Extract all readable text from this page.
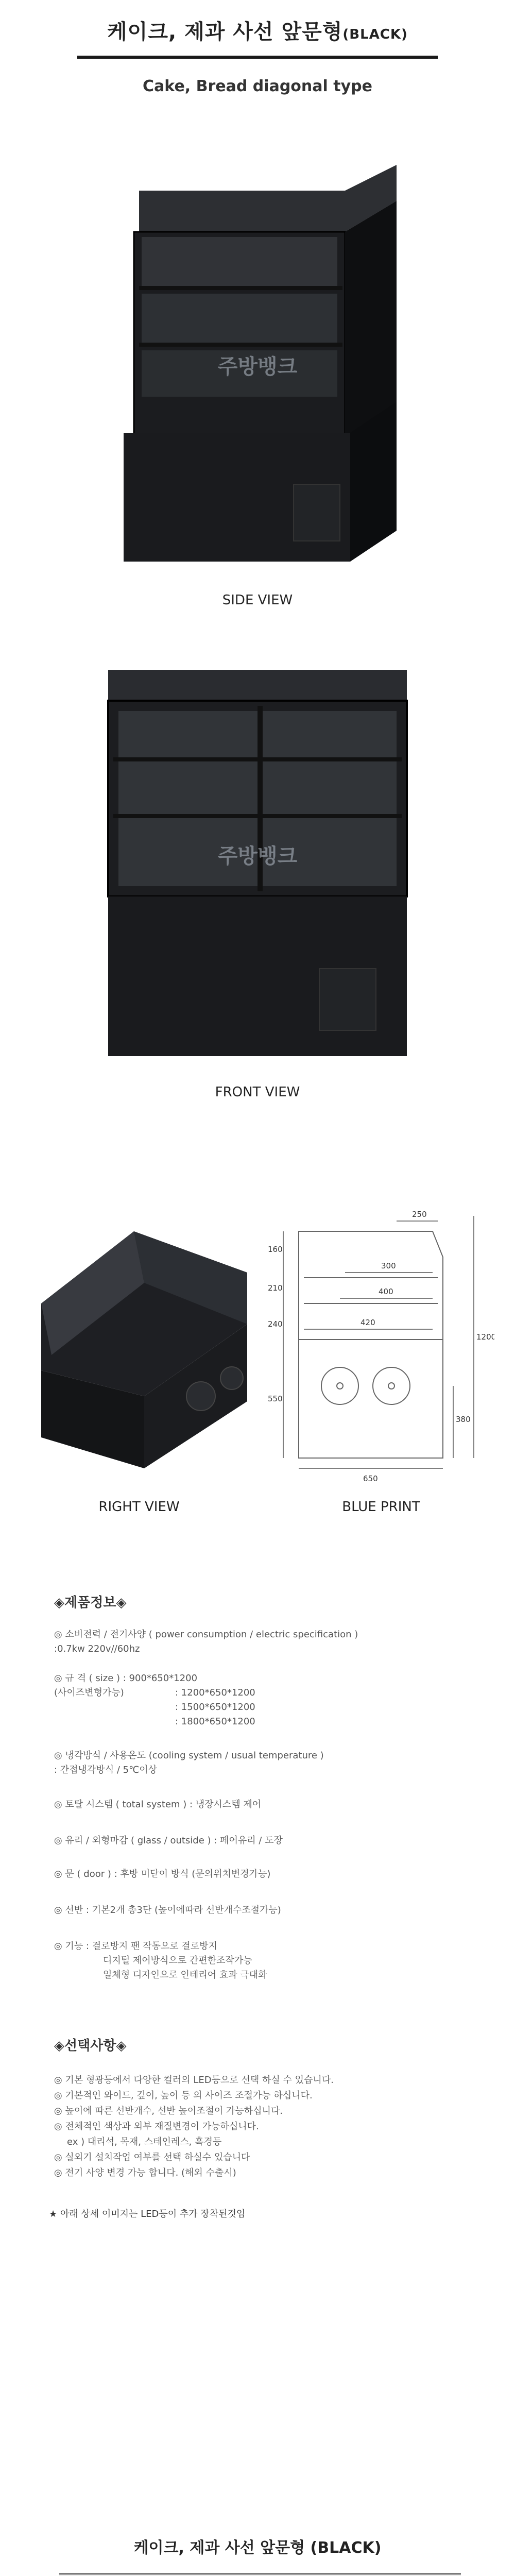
케이크, 제과 사선 앞문형(BLACK)
Cake, Bread diagonal type
주방뱅크
SIDE VIEW
주방뱅크
FRONT VIEW
RIGHT VIEW
250
300
400
420
650
160
210
240
550
1200
380
BLUE PRINT
◈제품정보◈
◎ 소비전력 / 전기사양 ( power consumption / electric specification )
:0.7kw 220v//60hz
◎ 규 격 ( size ) : 900*650*1200
(사이즈변형가능)	: 1200*650*1200
: 1500*650*1200
: 1800*650*1200
◎ 냉각방식 / 사용온도 (cooling system / usual temperature )
: 간접냉각방식 / 5℃이상
◎ 토탈 시스템 ( total system ) : 냉장시스템 제어
◎ 유리 / 외형마감 ( glass / outside ) : 페어유리 / 도장
◎ 문 ( door ) : 후방 미닫이 방식 (문의위치변경가능)
◎ 선반 : 기본2개 총3단 (높이에따라 선반개수조절가능)
◎ 기능 : 결로방지 팬 작동으로 결로방지
디지털 제어방식으로 간편한조작가능
일체형 디자인으로 인테리어 효과 극대화
◈선택사항◈
◎ 기본 형광등에서 다양한 컬러의 LED등으로 선택 하실 수 있습니다.
◎ 기본적인 와이드, 깊이, 높이 등 의 사이즈 조절가능 하십니다.
◎ 높이에 따른 선반개수, 선반 높이조절이 가능하십니다.
◎ 전체적인 색상과 외부 재질변경이 가능하십니다.
ex ) 대리석, 목재, 스테인레스, 흑경등
◎ 실외기 설치작업 여부를 선택 하실수 있습니다
◎ 전기 사양 변경 가능 합니다. (해외 수출시)
★ 아래 상세 이미지는 LED등이 추가 장착된것임
케이크, 제과 사선 앞문형 (BLACK)
